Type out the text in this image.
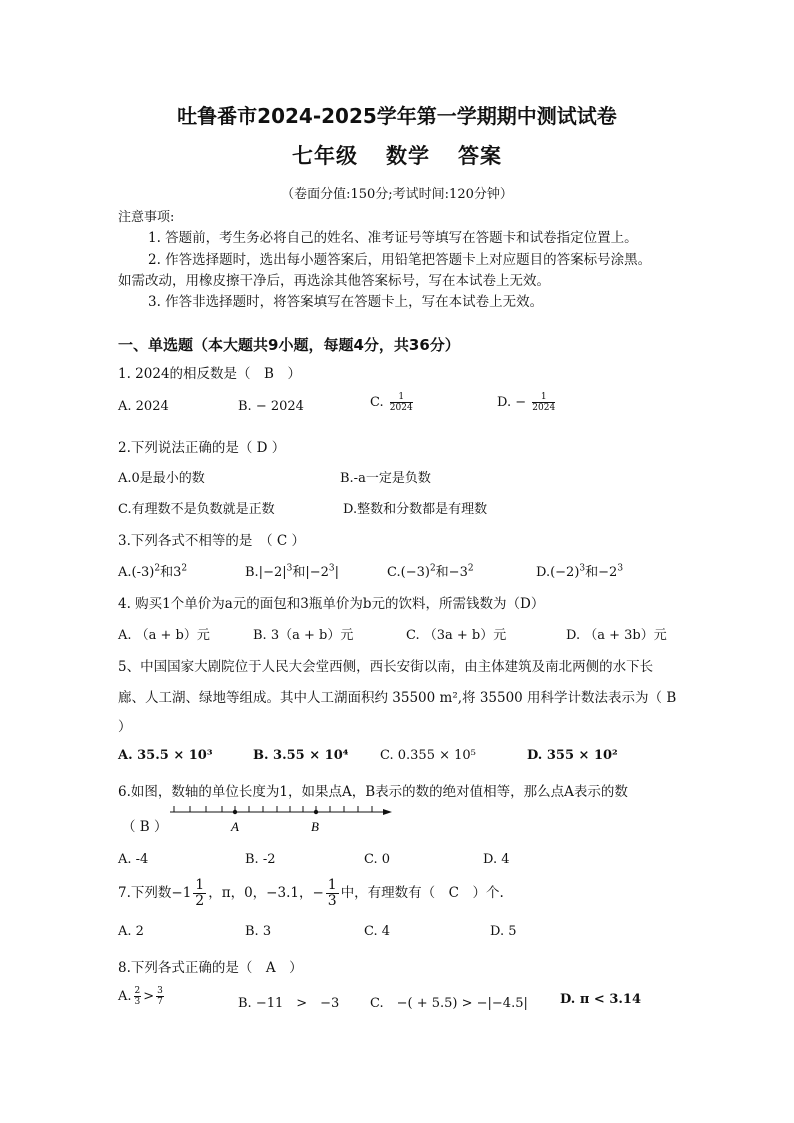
吐鲁番市2024-2025学年第一学期期中测试试卷
七年级 数学 答案
（卷面分值:150分;考试时间:120分钟）
注意事项:
1. 答题前，考生务必将自己的姓名、准考证号等填写在答题卡和试卷指定位置上。
2. 作答选择题时，选出每小题答案后，用铅笔把答题卡上对应题目的答案标号涂黑。
如需改动，用橡皮擦干净后，再选涂其他答案标号，写在本试卷上无效。
3. 作答非选择题时，将答案填写在答题卡上，写在本试卷上无效。
一、单选题（本大题共9小题，每题4分，共36分）
1. 2024的相反数是（　B　）
A. 2024	B. − 2024	C. $\frac{1}{2024}$	D. − $\frac{1}{2024}$
2.下列说法正确的是（ D ）
A.0是最小的数	B.-a一定是负数
C.有理数不是负数就是正数	D.整数和分数都是有理数
3.下列各式不相等的是　（ C ）
$A.(-3)^2$和$3^2$	$B.|-2|^3$和$|-2^3|$	$C.(-3)^2$和$-3^2$	$D.(-2)^3$和$-2^3$
4. 购买1个单价为a元的面包和3瓶单价为b元的饮料，所需钱数为（D）
A. （a + b）元	B. 3（a + b）元	C. （3a + b）元	D. （a + 3b）元
5、中国国家大剧院位于人民大会堂西侧，西长安街以南，由主体建筑及南北两侧的水下长
廊、人工湖、绿地等组成。其中人工湖面积约 35500 m²,将 35500 用科学计数法表示为（ B
）
A. 35.5 × 10³	B. 3.55 × 10⁴ C. 0.355 × 10⁵	D. 355 × 10²
6.如图，数轴的单位长度为1，如果点A，B表示的数的绝对值相等，那么点A表示的数
（ B ）	A	B
A. -4	B. -2	C. 0	D. 4
7.下列数$-1 \frac{1}{2}$ ，π，0，−3.1，− $\frac{1}{3}$ 中，有理数有（　C　）个.
A. 2	B. 3	C. 4	D. 5
8.下列各式正确的是（　A　）
A. $\frac{2}{3} > \frac{3}{7}$	B. −11　>　−3 C.　−( + 5.5) > −|−4.5| D. π < 3.14
